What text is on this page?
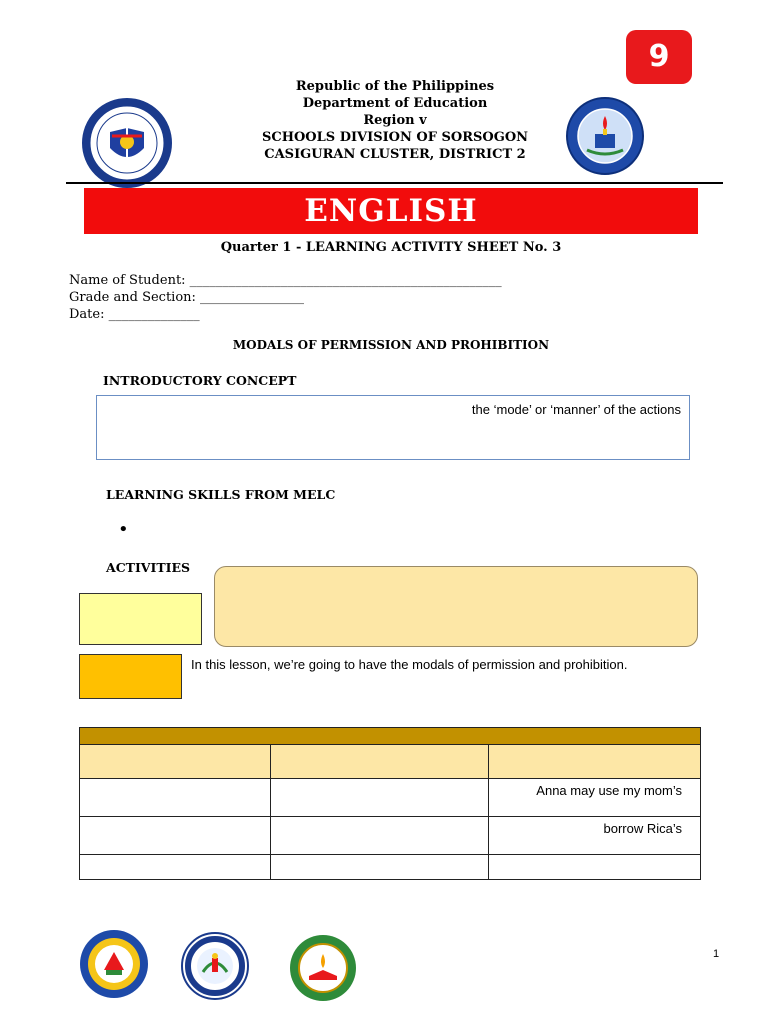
9
Republic of the Philippines
Department of Education
Region v
SCHOOLS DIVISION OF SORSOGON
CASIGURAN CLUSTER, DISTRICT 2
ENGLISH
Quarter 1 - LEARNING ACTIVITY SHEET No. 3
Name of Student: ________________________________________________
Grade and Section: ________________
Date: ______________
MODALS OF PERMISSION AND PROHIBITION
INTRODUCTORY CONCEPT
the ‘mode’ or ‘manner’ of the actions
LEARNING SKILLS FROM MELC
•
ACTIVITIES
In this lesson, we’re going to have the modals of permission and prohibition.

		Anna may use my mom’s
		borrow Rica’s

1
